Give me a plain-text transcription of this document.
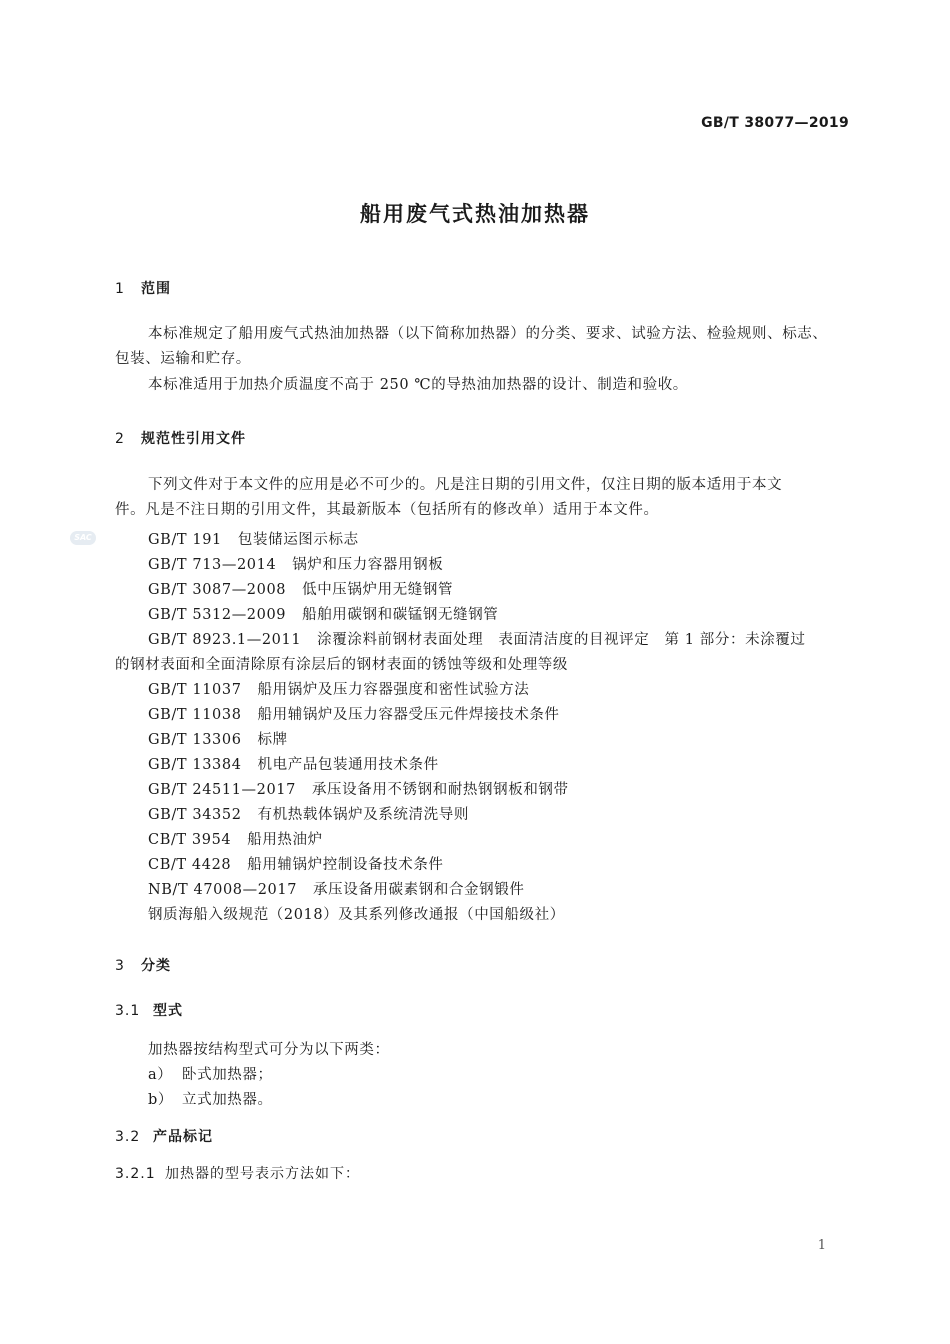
GB/T 38077—2019
船用废气式热油加热器
1 范围
本标准规定了船用废气式热油加热器（以下简称加热器）的分类、要求、试验方法、检验规则、标志、
包装、运输和贮存。
本标准适用于加热介质温度不高于 250 ℃的导热油加热器的设计、制造和验收。
2 规范性引用文件
下列文件对于本文件的应用是必不可少的。凡是注日期的引用文件，仅注日期的版本适用于本文
件。凡是不注日期的引用文件，其最新版本（包括所有的修改单）适用于本文件。
SAC	GB/T 191 包装储运图示标志
GB/T 713—2014 锅炉和压力容器用钢板
GB/T 3087—2008 低中压锅炉用无缝钢管
GB/T 5312—2009 船舶用碳钢和碳锰钢无缝钢管
GB/T 8923.1—2011 涂覆涂料前钢材表面处理　表面清洁度的目视评定　第 1 部分：未涂覆过
的钢材表面和全面清除原有涂层后的钢材表面的锈蚀等级和处理等级
GB/T 11037 船用锅炉及压力容器强度和密性试验方法
GB/T 11038 船用辅锅炉及压力容器受压元件焊接技术条件
GB/T 13306 标牌
GB/T 13384 机电产品包装通用技术条件
GB/T 24511—2017 承压设备用不锈钢和耐热钢钢板和钢带
GB/T 34352 有机热载体锅炉及系统清洗导则
CB/T 3954 船用热油炉
CB/T 4428 船用辅锅炉控制设备技术条件
NB/T 47008—2017 承压设备用碳素钢和合金钢锻件
钢质海船入级规范（2018）及其系列修改通报（中国船级社）
3 分类
3.1 型式
加热器按结构型式可分为以下两类：
a） 卧式加热器；
b） 立式加热器。
3.2 产品标记
3.2.1 加热器的型号表示方法如下：
1
